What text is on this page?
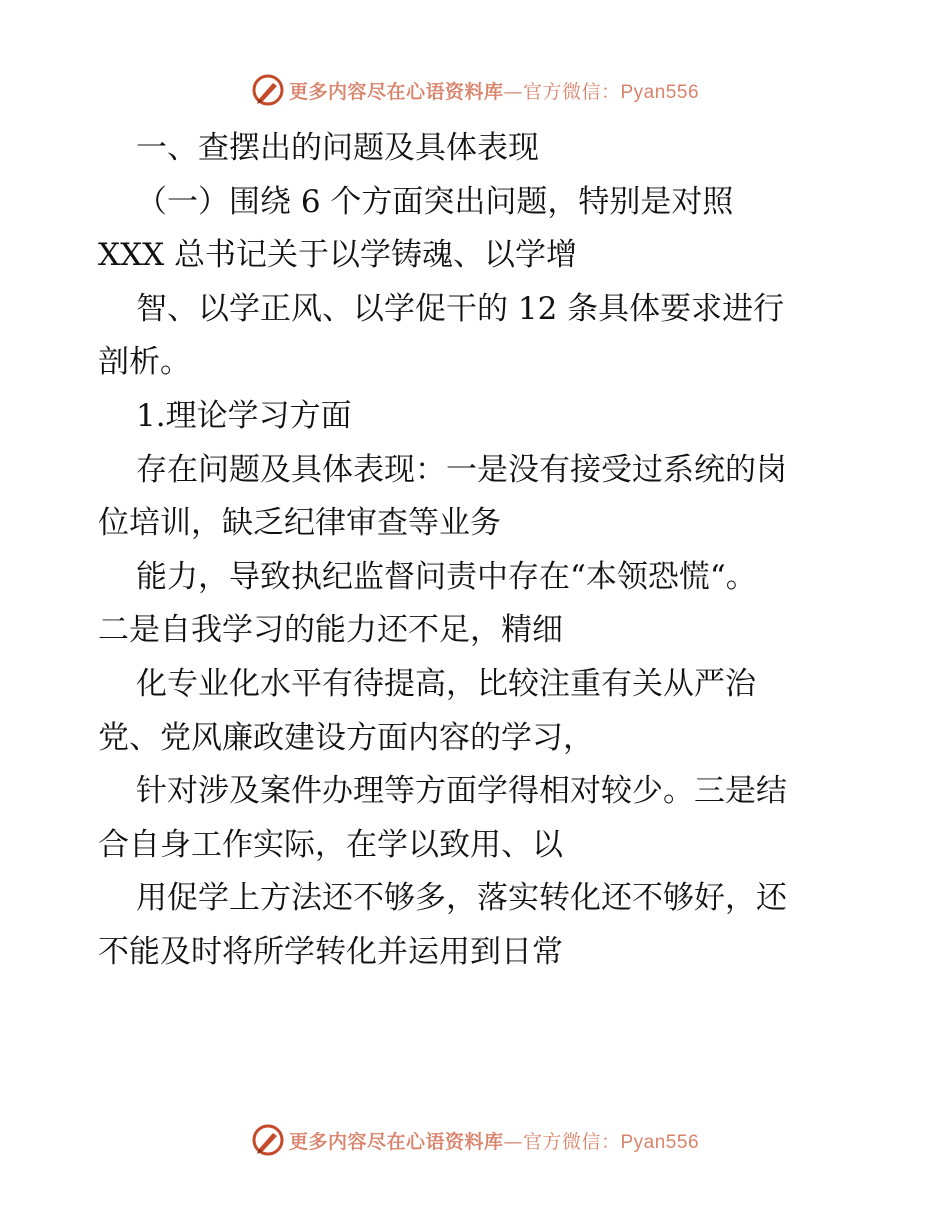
更多内容尽在心语资料库—官方微信：Pyan556
一、查摆出的问题及具体表现
（一）围绕 6 个方面突出问题，特别是对照
XXX 总书记关于以学铸魂、以学增
智、以学正风、以学促干的 12 条具体要求进行
剖析。
1.理论学习方面
存在问题及具体表现：一是没有接受过系统的岗
位培训，缺乏纪律审查等业务
能力，导致执纪监督问责中存在“本领恐慌“。
二是自我学习的能力还不足，精细
化专业化水平有待提高，比较注重有关从严治
党、党风廉政建设方面内容的学习，
针对涉及案件办理等方面学得相对较少。三是结
合自身工作实际，在学以致用、以
用促学上方法还不够多，落实转化还不够好，还
不能及时将所学转化并运用到日常
更多内容尽在心语资料库—官方微信：Pyan556
